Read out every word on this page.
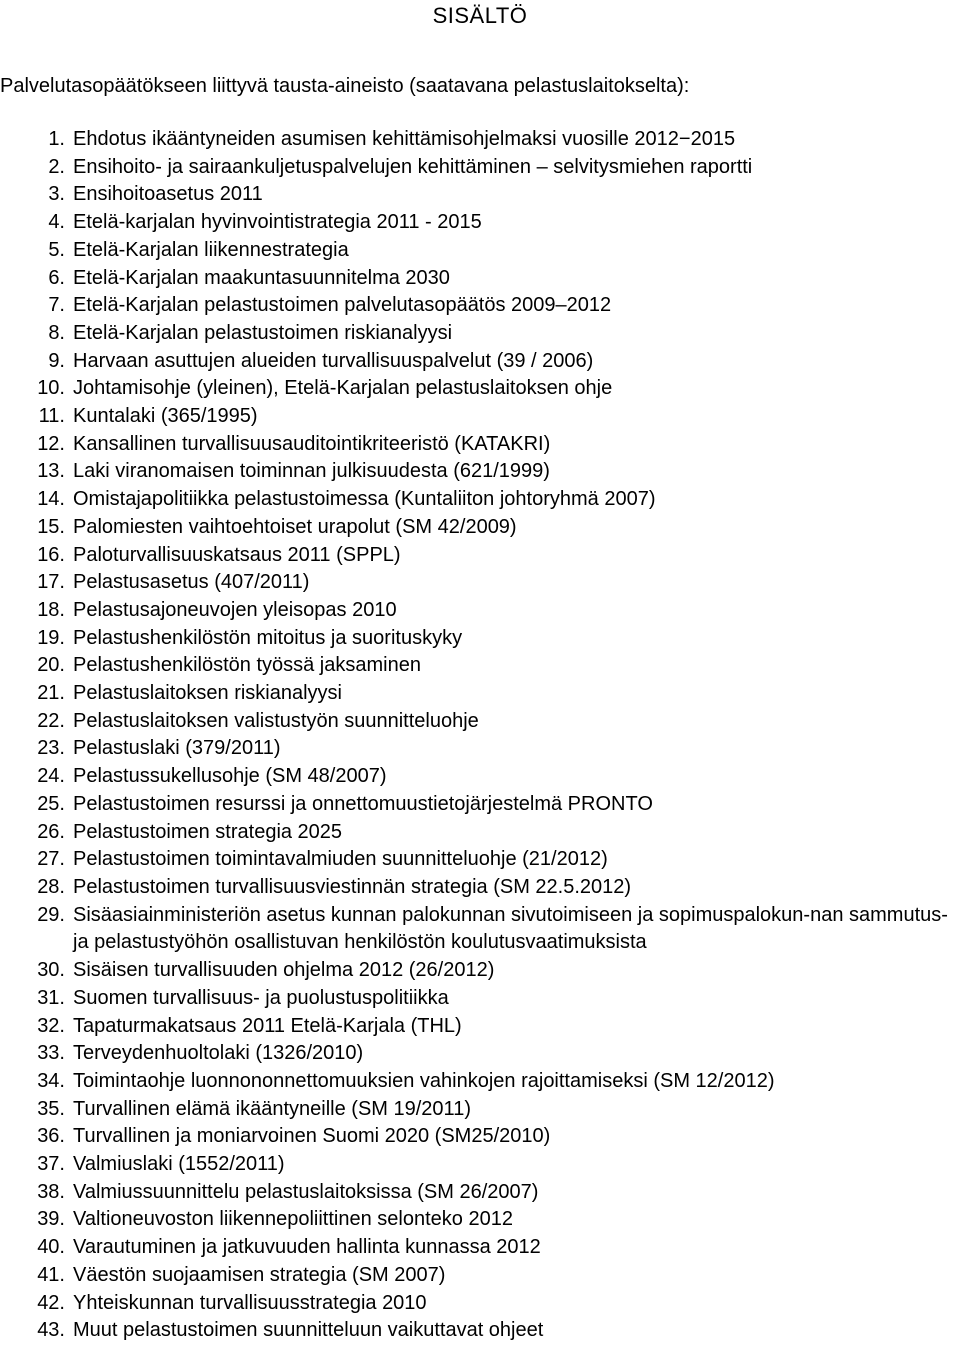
SISÄLTÖ
Palvelutasopäätökseen liittyvä tausta-aineisto (saatavana pelastuslaitokselta):
1. Ehdotus ikääntyneiden asumisen kehittämisohjelmaksi vuosille 2012−2015
2. Ensihoito- ja sairaankuljetuspalvelujen kehittäminen – selvitysmiehen raportti
3. Ensihoitoasetus 2011
4. Etelä-karjalan hyvinvointistrategia 2011 - 2015
5. Etelä-Karjalan liikennestrategia
6. Etelä-Karjalan maakuntasuunnitelma 2030
7. Etelä-Karjalan pelastustoimen palvelutasopäätös 2009–2012
8. Etelä-Karjalan pelastustoimen riskianalyysi
9. Harvaan asuttujen alueiden turvallisuuspalvelut (39 / 2006)
10. Johtamisohje (yleinen), Etelä-Karjalan pelastuslaitoksen ohje
11. Kuntalaki (365/1995)
12. Kansallinen turvallisuusauditointikriteeristö (KATAKRI)
13. Laki viranomaisen toiminnan julkisuudesta (621/1999)
14. Omistajapolitiikka pelastustoimessa (Kuntaliiton johtoryhmä 2007)
15. Palomiesten vaihtoehtoiset urapolut (SM 42/2009)
16. Paloturvallisuuskatsaus 2011 (SPPL)
17. Pelastusasetus (407/2011)
18. Pelastusajoneuvojen yleisopas 2010
19. Pelastushenkilöstön mitoitus ja suorituskyky
20. Pelastushenkilöstön työssä jaksaminen
21. Pelastuslaitoksen riskianalyysi
22. Pelastuslaitoksen valistustyön suunnitteluohje
23. Pelastuslaki (379/2011)
24. Pelastussukellusohje (SM 48/2007)
25. Pelastustoimen resurssi ja onnettomuustietojärjestelmä PRONTO
26. Pelastustoimen strategia 2025
27. Pelastustoimen toimintavalmiuden suunnitteluohje (21/2012)
28. Pelastustoimen turvallisuusviestinnän strategia (SM 22.5.2012)
29. Sisäasiainministeriön asetus kunnan palokunnan sivutoimiseen ja sopimuspalokun-nan sammutus- ja pelastustyöhön osallistuvan henkilöstön koulutusvaatimuksista
30. Sisäisen turvallisuuden ohjelma 2012 (26/2012)
31. Suomen turvallisuus- ja puolustuspolitiikka
32. Tapaturmakatsaus 2011 Etelä-Karjala (THL)
33. Terveydenhuoltolaki (1326/2010)
34. Toimintaohje luonnononnettomuuksien vahinkojen rajoittamiseksi (SM 12/2012)
35. Turvallinen elämä ikääntyneille (SM 19/2011)
36. Turvallinen ja moniarvoinen Suomi 2020 (SM25/2010)
37. Valmiuslaki (1552/2011)
38. Valmiussuunnittelu pelastuslaitoksissa (SM 26/2007)
39. Valtioneuvoston liikennepoliittinen selonteko 2012
40. Varautuminen ja jatkuvuuden hallinta kunnassa 2012
41. Väestön suojaamisen strategia (SM 2007)
42. Yhteiskunnan turvallisuusstrategia 2010
43. Muut pelastustoimen suunnitteluun vaikuttavat ohjeet
